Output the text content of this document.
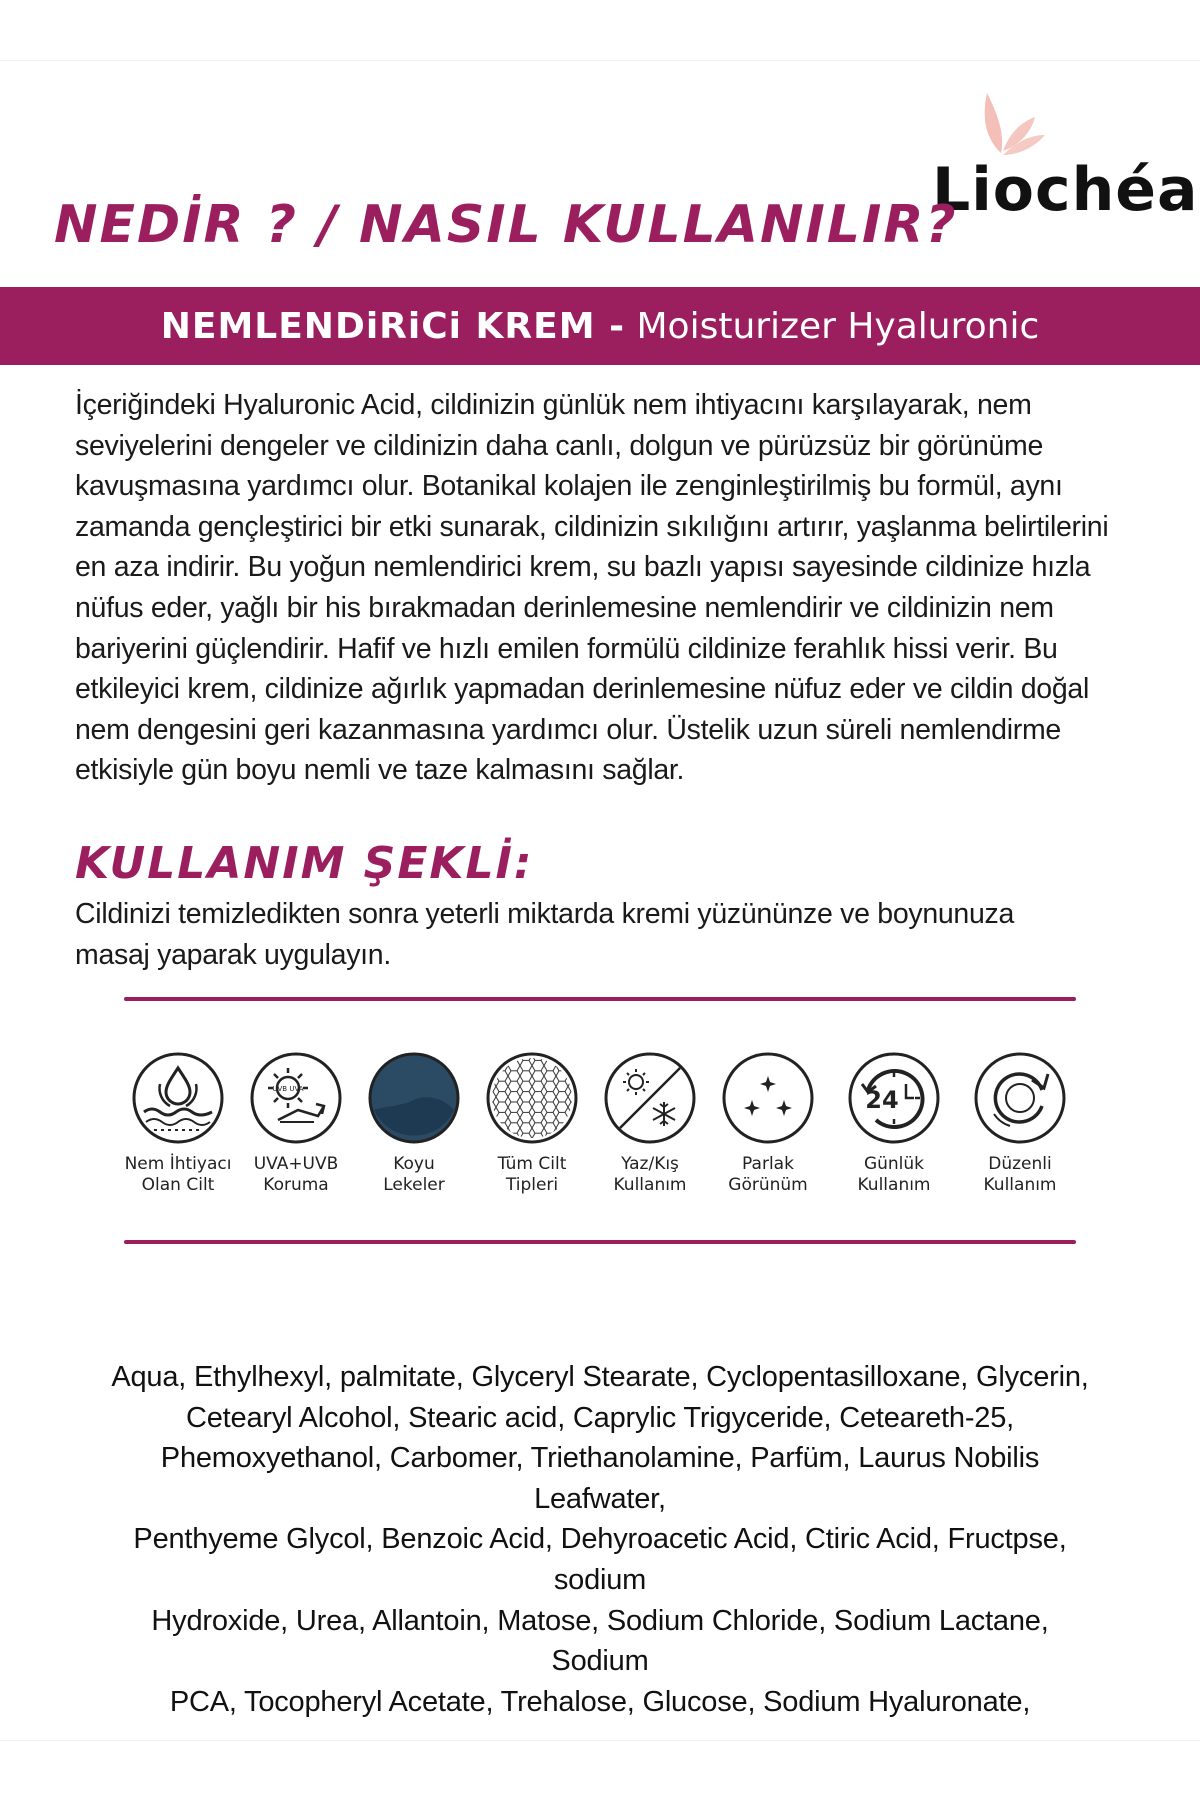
Liochéa
NEDİR ? / NASIL KULLANILIR?
NEMLENDiRiCi KREM -
Moisturizer Hyaluronic
İçeriğindeki Hyaluronic Acid, cildinizin günlük nem ihtiyacını karşılayarak, nem seviyelerini dengeler ve cildinizin daha canlı, dolgun ve pürüzsüz bir görünüme kavuşmasına yardımcı olur. Botanikal kolajen ile zenginleştirilmiş bu formül, aynı zamanda gençleştirici bir etki sunarak, cildinizin sıkılığını artırır, yaşlanma belirtilerini en aza indirir. Bu yoğun nemlendirici krem, su bazlı yapısı sayesinde cildinize hızla nüfus eder, yağlı bir his bırakmadan derinlemesine nemlendirir ve cildinizin nem bariyerini güçlendirir. Hafif ve hızlı emilen formülü cildinize ferahlık hissi verir. Bu etkileyici krem, cildinize ağırlık yapmadan derinlemesine nüfuz eder ve cildin doğal nem dengesini geri kazanmasına yardımcı olur. Üstelik uzun süreli nemlendirme etkisiyle gün boyu nemli ve taze kalmasını sağlar.
KULLANIM ŞEKLİ:
Cildinizi temizledikten sonra yeterli miktarda kremi yüzününze ve boynunuza masaj yaparak uygulayın.
Nem İhtiyacı
Olan Cilt
UVB UVA
UVA+UVB
Koruma
Koyu
Lekeler
Tüm Cilt
Tipleri
Yaz/Kış
Kullanım
Parlak
Görünüm
24
Günlük
Kullanım
Düzenli
Kullanım
Aqua, Ethylhexyl, palmitate, Glyceryl Stearate, Cyclopentasilloxane, Glycerin,
Cetearyl Alcohol, Stearic acid, Caprylic Trigyceride, Ceteareth-25,
Phemoxyethanol, Carbomer, Triethanolamine, Parfüm, Laurus Nobilis Leafwater,
Penthyeme Glycol, Benzoic Acid, Dehyroacetic Acid, Ctiric Acid, Fructpse, sodium
Hydroxide, Urea, Allantoin, Matose, Sodium Chloride, Sodium Lactane, Sodium
PCA, Tocopheryl Acetate, Trehalose, Glucose, Sodium Hyaluronate,
